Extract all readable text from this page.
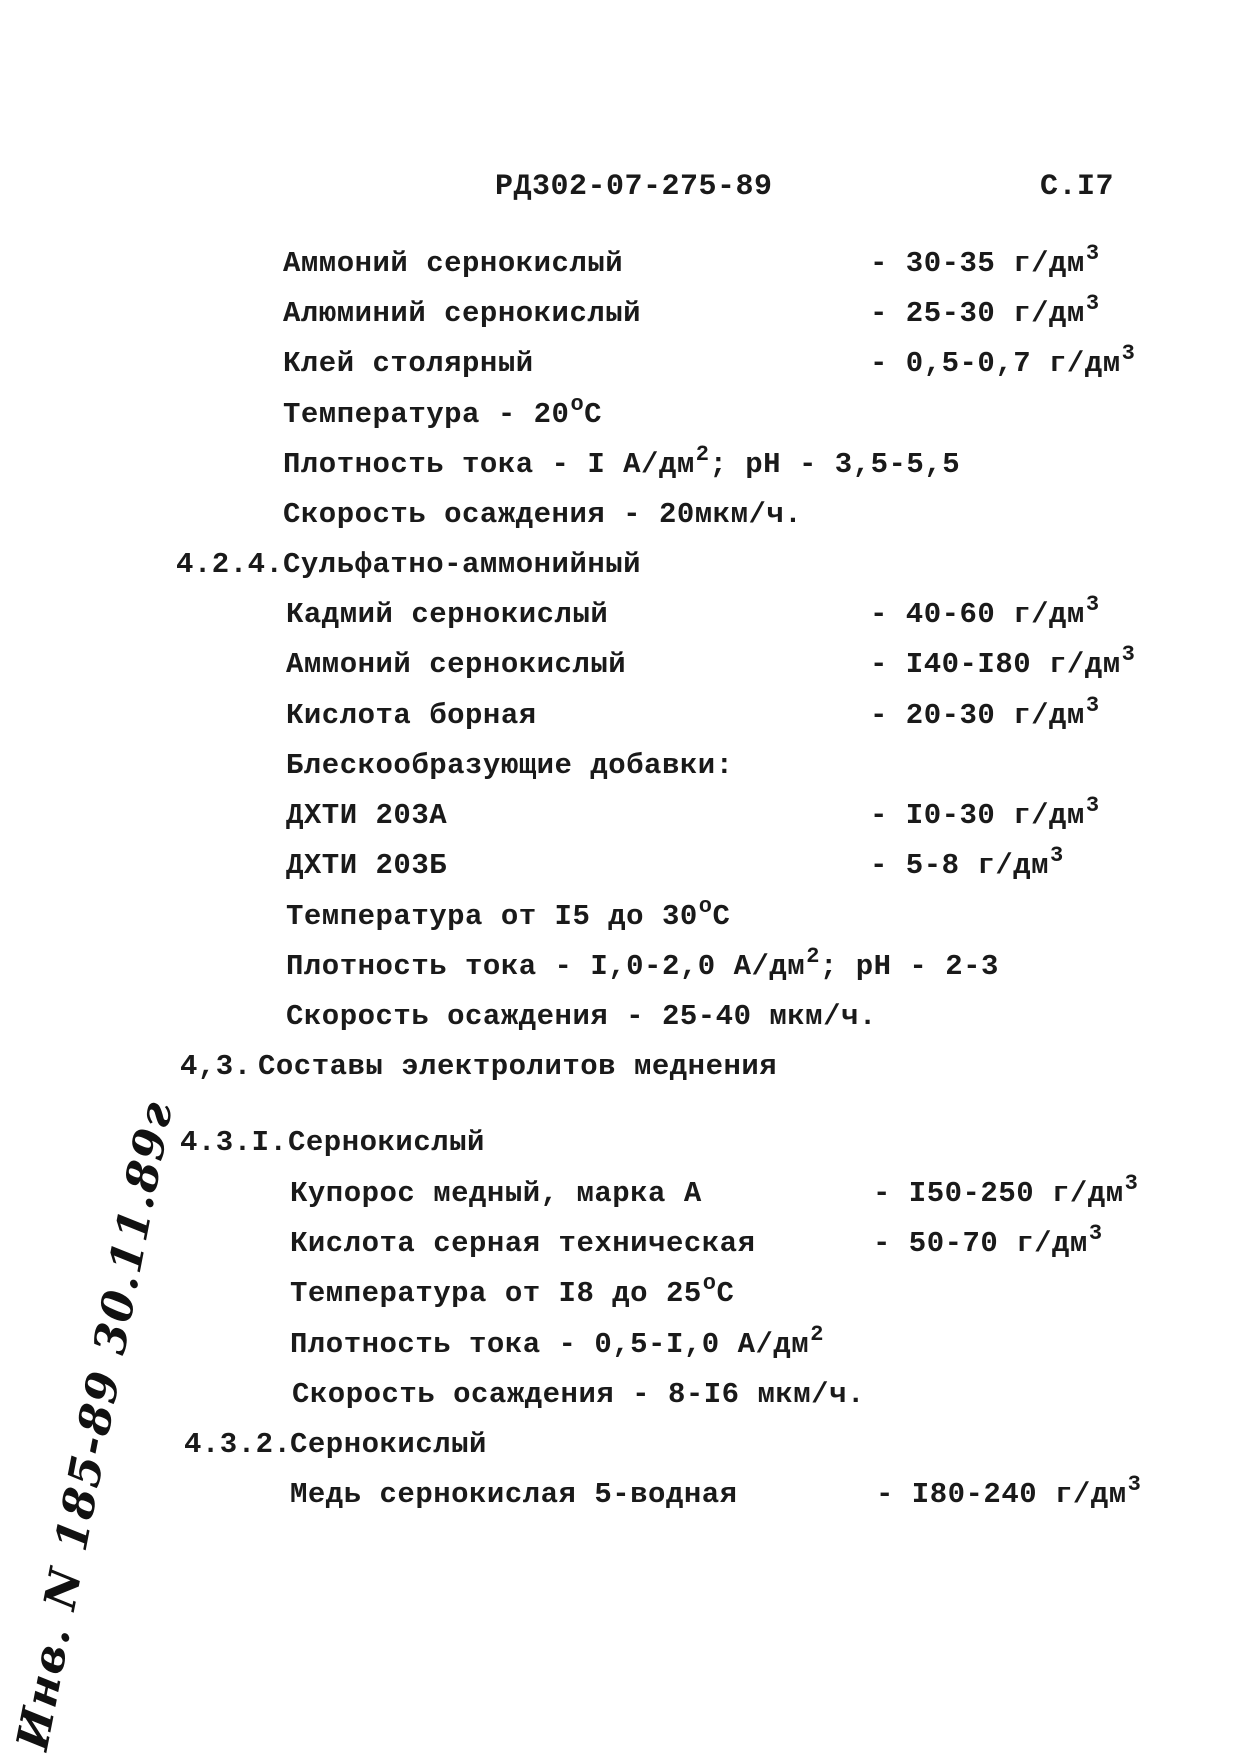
РД302-07-275-89	С.I7
Аммоний сернокислый	- 30-35 $г/дм^3$
Алюминий сернокислый	- 25-30 $г/дм^3$
Клей столярный	- 0,5-0,7 $г/дм^3$
Температура - 20$^o$C
Плотность тока - I $А/дм^2$; pH - 3,5-5,5
Скорость осаждения - 20мкм/ч.
4.2.4. Сульфатно-аммонийный
Кадмий сернокислый	- 40-60 $г/дм^3$
Аммоний сернокислый	- I40-I80 $г/дм^3$
Кислота борная	- 20-30 $г/дм^3$
Блескообразующие добавки:
ДХТИ 203А	- I0-30 $г/дм^3$
ДХТИ 203Б	- 5-8 $г/дм^3$
Температура от I5 до 30$^o$C
Плотность тока - I,0-2,0 $А/дм^2$; pH - 2-3
Скорость осаждения - 25-40 мкм/ч.
4,3. Составы электролитов меднения
4.3.I. Сернокислый
Купорос медный, марка А	- I50-250 $г/дм^3$
Кислота серная техническая	- 50-70 $г/дм^3$
Температура от I8 до 25$^o$C
Плотность тока - 0,5-I,0 $А/дм^2$
Скорость осаждения - 8-I6 мкм/ч.
4.3.2.
Сернокислый
Медь сернокислая 5-водная	- I80-240 $г/дм^3$
Инв. N 185-89 30.11.89г
